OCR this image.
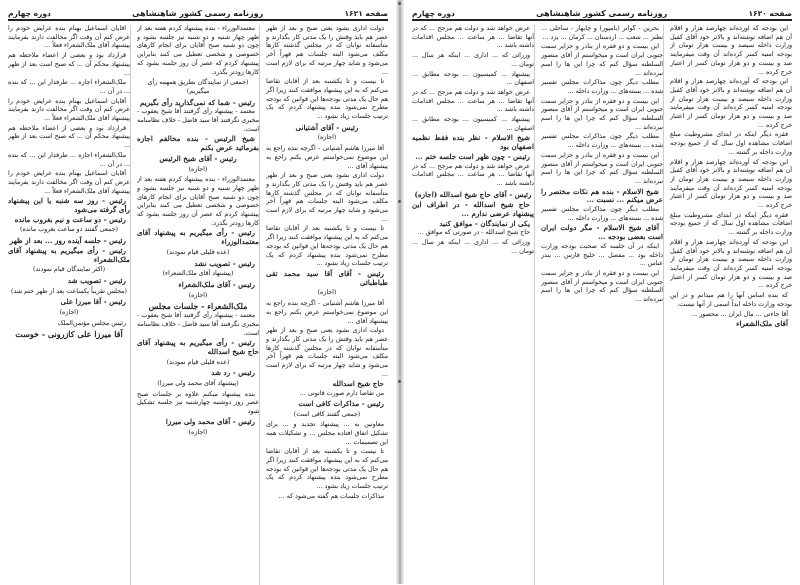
دوره چهارم	روزنامه رسمی کشور شاهنشاهی	صفحه ۱۶۲۱

دولت اداری بشود یعنی صبح و بعد از ظهر عصر هم باید وقتش را یک مدتی کار بگذارند و متأسفانه نوابان که در مجلس گذشته کارها مکلف می‌شود البته جلسات هم قهراً آخر می‌شود و شاید چهار مرتبه که برای لازم است ...

تا بیست و تا یکشنبه بعد از آقایان تقاضا می‌کنم که به این پیشنهاد موافقت کنند زیرا اگر هم حال یک مدتی بودجه‌ها این قوانین که بودجه مطرح نمی‌شود بنده پیشنهاد کردم که یک ترتیب جلسات زیاد بشود ...

رئیس - آقای آشتیانی

(اجازه)

آقا میرزا هاشم آشتیانی - اگرچه بنده راجع به این موضوع نمی‌خواستم عرض بکنم راجع به پیشنهاد آقای ...

دولت اداری بشود یعنی صبح و بعد از ظهر عصر هم باید وقتش را یک مدتی کار بگذارند و متأسفانه نوابان که در مجلس گذشته کارها مکلف می‌شود البته جلسات هم قهراً آخر می‌شود و شاید چهار مرتبه که برای لازم است ...

تا بیست و تا یکشنبه بعد از آقایان تقاضا می‌کنم که به این پیشنهاد موافقت کنند زیرا اگر هم حال یک مدتی بودجه‌ها این قوانین که بودجه مطرح نمی‌شود بنده پیشنهاد کردم که یک ترتیب جلسات زیاد بشود ...

رئیس - آقای آقا سید محمد تقی طباطبائی

(اجازه)

آقا میرزا هاشم آشتیانی - اگرچه بنده راجع به این موضوع نمی‌خواستم عرض بکنم راجع به پیشنهاد آقای ...

دولت اداری بشود یعنی صبح و بعد از ظهر عصر هم باید وقتش را یک مدتی کار بگذارند و متأسفانه نوابان که در مجلس گذشته کارها مکلف می‌شود البته جلسات هم قهراً آخر می‌شود و شاید چهار مرتبه که برای لازم است ...

حاج شیخ اسدالله

من تقاضا دارم صورت قانونی ...

رئیس - مذاکرات کافی است

(جمعی گفتند کافی است)

معاونین به ... پیشنهاد تجدید و ... برای تشکیل اتفاق افتاده مجلس ... و تشکیلات همه این تصمیمات ...

تا بیست و تا یکشنبه بعد از آقایان تقاضا می‌کنم که به این پیشنهاد موافقت کنند زیرا اگر هم حال یک مدتی بودجه‌ها این قوانین که بودجه مطرح نمی‌شود بنده پیشنهاد کردم که یک ترتیب جلسات زیاد بشود ...

مذاکرات جلسات هم گفته می‌شود که ...

معتمدالوزراء - بنده پیشنهاد کردم هفته بعد از ظهر چهار شنبه و دو شنبه نیز جلسه بشود و چون دو شنبه صبح آقایان برای انجام کارهای خصوصی و شخصی تعطیل می کنند بنابراین پیشنهاد کردم که عصر آن روز جلسه بشود که کارها زودتر بگذرد.

(جمعی از نمایندگان بطریق همهمه رأی میگیریم)

رئیس - شما که نمی‌گذارید رأی بگیریم

معتمد - پیشنهاد رأی گرفتند آقا شیخ یعقوب - مخبری نگرفتند آقا سید فاضل - خلاف نظامنامه است.

شیخ الرئیس - بنده مخالفم اجازه بفرمائید عرض بکنم

رئیس - آقای شیخ الرئیس

(اجازه)

معتمدالوزراء - بنده پیشنهاد کردم هفته بعد از ظهر چهار شنبه و دو شنبه نیز جلسه بشود و چون دو شنبه صبح آقایان برای انجام کارهای خصوصی و شخصی تعطیل می کنند بنابراین پیشنهاد کردم که عصر آن روز جلسه بشود که کارها زودتر بگذرد.

رئیس - رأی میگیریم به پیشنهاد آقای معتمدالوزراء

(عده قلیلی قیام نمودند)

رئیس - تصویب نشد

(پیشنهاد آقای ملک‌الشعراء)

رئیس - آقای ملک‌الشعراء

(اجازه)

ملک‌الشعراء - جلسات مجلس

معتمد - پیشنهاد رأی گرفتند آقا شیخ یعقوب - مخبری نگرفتند آقا سید فاضل - خلاف نظامنامه است.

رئیس - رأی میگیریم به پیشنهاد آقای حاج شیخ اسدالله

(عده قلیلی قیام نمودند)

رئیس - رد شد

(پیشنهاد آقای محمد ولی میرزا)

بنده پیشنهاد میکنم علاوه بر جلسات صبح عصر روز دوشنبه چهارشنبه نیز جلسه تشکیل شود

رئیس - آقای محمد ولی میرزا

(اجازه)

آقایان اسماعیل بهنام بنده عرایض خودم را عرض کنم آن وقت اگر مخالفت دارند بفرمایند پیشنهاد آقای ملک‌الشعراء فعلاً ...

قرارداد بود و بعضی از اعضاء ملاحظه هم پیشنهاد محکم آن ... که صبح است بعد از ظهر ...

ملک‌الشعراء اجازه ... طرفدار این ... که بنده ... در آن ...

آقایان اسماعیل بهنام بنده عرایض خودم را عرض کنم آن وقت اگر مخالفت دارند بفرمایند پیشنهاد آقای ملک‌الشعراء فعلاً ...

قرارداد بود و بعضی از اعضاء ملاحظه هم پیشنهاد محکم آن ... که صبح است بعد از ظهر ...

ملک‌الشعراء اجازه ... طرفدار این ... که بنده ... در آن ...

آقایان اسماعیل بهنام بنده عرایض خودم را عرض کنم آن وقت اگر مخالفت دارند بفرمایند پیشنهاد آقای ملک‌الشعراء فعلاً ...

رئیس - روز سه شنبه یا این پیشنهاد رأی گرفته می‌شود

رئیس - دو ساعت و نیم بغروب مانده

(جمعی گفتند دو ساعت بغروب مانده)

رئیس - جلسه آینده روز ... بعد از ظهر

رئیس - رأی میگیریم به پیشنهاد آقای ملک‌الشعراء

(اکثر نمایندگان قیام نمودند)

رئیس - تصویب شد

(مجلس تقریباً یکساعت بعد از ظهر ختم شد)

رئیس - آقا میرزا علی

(اجازه)

رئیس مجلس مؤتمن‌الملک

آقا میرزا علی کازرونی - خوست

دوره چهارم	روزنامه رسمی کشور شاهنشاهی	صفحه ۱۶۲۰

این بودجه که آورده‌اند چهارصد هزار و اقلام آن هم اضافه نوشته‌اند و بالاتر خود آقای کفیل وزارت داخله سیصد و بیست هزار تومان از بودجه امنیه کسر کرده‌اند آن وقت میفرمایند صد و بیست و دو هزار تومان کسر از اعتبار خرج کرده ...

این بودجه که آورده‌اند چهارصد هزار و اقلام آن هم اضافه نوشته‌اند و بالاتر خود آقای کفیل وزارت داخله سیصد و بیست هزار تومان از بودجه امنیه کسر کرده‌اند آن وقت میفرمایند صد و بیست و دو هزار تومان کسر از اعتبار خرج کرده ...

فقره دیگر اینکه در ابتدای مشروطیت مبلغ اضافات مشاهده اول سال که از جمیع بودجه وزارت داخله بر گشته ...

این بودجه که آورده‌اند چهارصد هزار و اقلام آن هم اضافه نوشته‌اند و بالاتر خود آقای کفیل وزارت داخله سیصد و بیست هزار تومان از بودجه امنیه کسر کرده‌اند آن وقت میفرمایند صد و بیست و دو هزار تومان کسر از اعتبار خرج کرده ...

فقره دیگر اینکه در ابتدای مشروطیت مبلغ اضافات مشاهده اول سال که از جمیع بودجه وزارت داخله بر گشته ...

این بودجه که آورده‌اند چهارصد هزار و اقلام آن هم اضافه نوشته‌اند و بالاتر خود آقای کفیل وزارت داخله سیصد و بیست هزار تومان از بودجه امنیه کسر کرده‌اند آن وقت میفرمایند صد و بیست و دو هزار تومان کسر از اعتبار خرج کرده ...

که بنده اساس آنها را هم میدانم و در این بودجه وزارت داخله ابداً اسمی از آنها نیست.

آقا جاءتی ... مال ایران ... محصور ...

آقای ملک‌الشعراء

بحرین - گواتر (بامپور) و چابهار - ساحلی ... نطنز ... شعب ... اردستان ... کرمان ... یزد ...

این بیست و دو فقره از بنادر و جزایر سمت جنوبی ایران است و میخواستم از آقای منصور السلطنه سؤال کنم که چرا این ها را اسم نبرده‌اند ...

مطلب دیگر چون مذاکرات مجلس تفسیر شده ... بسته‌های ... وزارت داخله ...

این بیست و دو فقره از بنادر و جزایر سمت جنوبی ایران است و میخواستم از آقای منصور السلطنه سؤال کنم که چرا این ها را اسم نبرده‌اند ...

مطلب دیگر چون مذاکرات مجلس تفسیر شده ... بسته‌های ... وزارت داخله ...

این بیست و دو فقره از بنادر و جزایر سمت جنوبی ایران است و میخواستم از آقای منصور السلطنه سؤال کنم که چرا این ها را اسم نبرده‌اند ...

شیخ الاسلام - بنده هم نکات مختصر را عرض میکنم ... نسبت ...

مطلب دیگر چون مذاکرات مجلس تفسیر شده ... بسته‌های ... وزارت داخله ...

آقای شیخ الاسلام - مگر دولت ایران است بعضی بودجه ...

اینکه در آن جلسه که صحبت بودجه وزارت داخله بود ... مفصل ... خلیج فارس ... بندر عباس ...

این بیست و دو فقره از بنادر و جزایر سمت جنوبی ایران است و میخواستم از آقای منصور السلطنه سؤال کنم که چرا این ها را اسم نبرده‌اند ...

عرض خواهد شد و دولت هم مرجح ... که در آنها تقاضا ... هر ساعت ... مجلس اقدامات داشته باشد ...

وزرائی که ... اداری ... اینکه هر سال ... تومان ...

پیشنهاد ... کمیسیون ... بودجه مطابق ... اصفهان ...

عرض خواهد شد و دولت هم مرجح ... که در آنها تقاضا ... هر ساعت ... مجلس اقدامات داشته باشد ...

پیشنهاد ... کمیسیون ... بودجه مطابق ... اصفهان ...

شیخ الاسلام - نظر بنده فقط نظمیه اصفهان بود

رئیس - چون ظهر است جلسه ختم ...

عرض خواهد شد و دولت هم مرجح ... که در آنها تقاضا ... هر ساعت ... مجلس اقدامات داشته باشد ...

رئیس - آقای حاج شیخ اسدالله (اجازه)

حاج شیخ اسدالله - در اطراف این پیشنهاد عرضی ندارم ...

یکی از نمایندگان - موافق کنید

حاج شیخ اسدالله - در صورتی که موافق ...

وزرائی که ... اداری ... اینکه هر سال ... تومان ...
